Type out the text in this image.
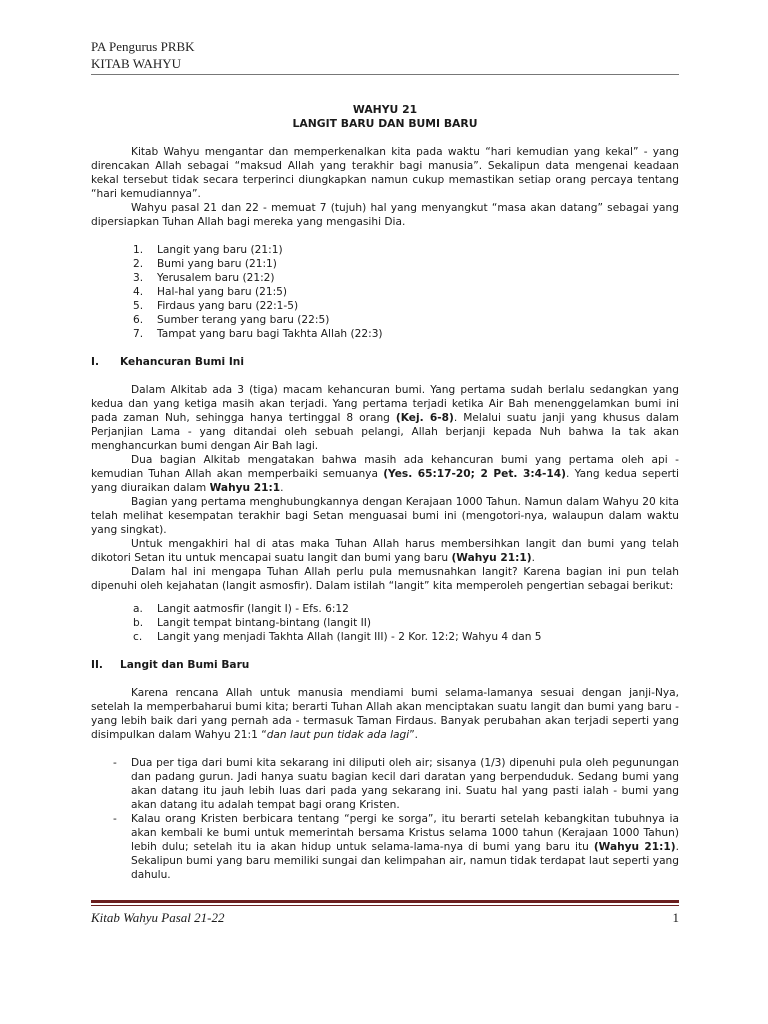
PA Pengurus PRBK
KITAB WAHYU

WAHYU 21

LANGIT BARU DAN BUMI BARU

Kitab Wahyu mengantar dan memperkenalkan kita pada waktu “hari kemudian yang kekal” - yang direncakan Allah sebagai “maksud Allah yang terakhir bagi manusia”. Sekalipun data mengenai keadaan kekal tersebut tidak secara terperinci diungkapkan namun cukup memastikan setiap orang percaya tentang “hari kemudiannya”.

Wahyu pasal 21 dan 22 - memuat 7 (tujuh) hal yang menyangkut “masa akan datang” sebagai yang dipersiapkan Tuhan Allah bagi mereka yang mengasihi Dia.

1. Langit yang baru (21:1)
2. Bumi yang baru (21:1)
3. Yerusalem baru (21:2)
4. Hal-hal yang baru (21:5)
5. Firdaus yang baru (22:1-5)
6. Sumber terang yang baru (22:5)
7. Tampat yang baru bagi Takhta Allah (22:3)

I. Kehancuran Bumi Ini

Dalam Alkitab ada 3 (tiga) macam kehancuran bumi. Yang pertama sudah berlalu sedangkan yang kedua dan yang ketiga masih akan terjadi. Yang pertama terjadi ketika Air Bah menenggelamkan bumi ini pada zaman Nuh, sehingga hanya tertinggal 8 orang (Kej. 6-8). Melalui suatu janji yang khusus dalam Perjanjian Lama - yang ditandai oleh sebuah pelangi, Allah berjanji kepada Nuh bahwa Ia tak akan menghancurkan bumi dengan Air Bah lagi.

Dua bagian Alkitab mengatakan bahwa masih ada kehancuran bumi yang pertama oleh api - kemudian Tuhan Allah akan memperbaiki semuanya (Yes. 65:17-20; 2 Pet. 3:4-14). Yang kedua seperti yang diuraikan dalam Wahyu 21:1.

Bagian yang pertama menghubungkannya dengan Kerajaan 1000 Tahun. Namun dalam Wahyu 20 kita telah melihat kesempatan terakhir bagi Setan menguasai bumi ini (mengotori-nya, walaupun dalam waktu yang singkat).

Untuk mengakhiri hal di atas maka Tuhan Allah harus membersihkan langit dan bumi yang telah dikotori Setan itu untuk mencapai suatu langit dan bumi yang baru (Wahyu 21:1).

Dalam hal ini mengapa Tuhan Allah perlu pula memusnahkan langit? Karena bagian ini pun telah dipenuhi oleh kejahatan (langit asmosfir). Dalam istilah “langit” kita memperoleh pengertian sebagai berikut:

a. Langit aatmosfir (langit I) - Efs. 6:12
b. Langit tempat bintang-bintang (langit II)
c. Langit yang menjadi Takhta Allah (langit III) - 2 Kor. 12:2; Wahyu 4 dan 5

II. Langit dan Bumi Baru

Karena rencana Allah untuk manusia mendiami bumi selama-lamanya sesuai dengan janji-Nya, setelah Ia memperbaharui bumi kita; berarti Tuhan Allah akan menciptakan suatu langit dan bumi yang baru - yang lebih baik dari yang pernah ada - termasuk Taman Firdaus. Banyak perubahan akan terjadi seperti yang disimpulkan dalam Wahyu 21:1 “dan laut pun tidak ada lagi”.

- Dua per tiga dari bumi kita sekarang ini diliputi oleh air; sisanya (1/3) dipenuhi pula oleh pegunungan dan padang gurun. Jadi hanya suatu bagian kecil dari daratan yang berpenduduk. Sedang bumi yang akan datang itu jauh lebih luas dari pada yang sekarang ini. Suatu hal yang pasti ialah - bumi yang akan datang itu adalah tempat bagi orang Kristen.
- Kalau orang Kristen berbicara tentang “pergi ke sorga”, itu berarti setelah kebangkitan tubuhnya ia akan kembali ke bumi untuk memerintah bersama Kristus selama 1000 tahun (Kerajaan 1000 Tahun) lebih dulu; setelah itu ia akan hidup untuk selama-lama-nya di bumi yang baru itu (Wahyu 21:1). Sekalipun bumi yang baru memiliki sungai dan kelimpahan air, namun tidak terdapat laut seperti yang dahulu.
Kitab Wahyu Pasal 21-22	1
